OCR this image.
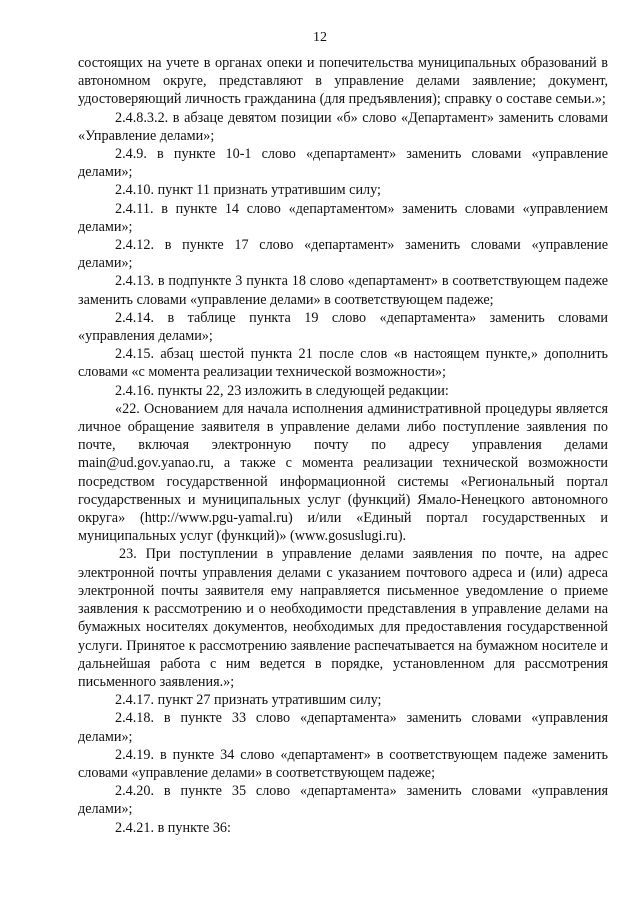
12

состоящих на учете в органах опеки и попечительства муниципальных образований в автономном округе, представляют в управление делами заявление; документ, удостоверяющий личность гражданина (для предъявления); справку о составе семьи.»;

2.4.8.3.2. в абзаце девятом позиции «б» слово «Департамент» заменить словами «Управление делами»;

2.4.9. в пункте 10-1 слово «департамент» заменить словами «управление делами»;

2.4.10. пункт 11 признать утратившим силу;

2.4.11. в пункте 14 слово «департаментом» заменить словами «управлением делами»;

2.4.12. в пункте 17 слово «департамент» заменить словами «управление делами»;

2.4.13. в подпункте 3 пункта 18 слово «департамент» в соответствующем падеже заменить словами «управление делами» в соответствующем падеже;

2.4.14. в таблице пункта 19 слово «департамента» заменить словами «управления делами»;

2.4.15. абзац шестой пункта 21 после слов «в настоящем пункте,» дополнить словами «с момента реализации технической возможности»;

2.4.16. пункты 22, 23 изложить в следующей редакции:

«22. Основанием для начала исполнения административной процедуры является личное обращение заявителя в управление делами либо поступление заявления по почте, включая электронную почту по адресу управления делами main@ud.gov.yanao.ru, а также с момента реализации технической возможности посредством государственной информационной системы «Региональный портал государственных и муниципальных услуг (функций) Ямало-Ненецкого автономного округа» (http://www.pgu-yamal.ru) и/или «Единый портал государственных и муниципальных услуг (функций)» (www.gosuslugi.ru).

23. При поступлении в управление делами заявления по почте, на адрес электронной почты управления делами с указанием почтового адреса и (или) адреса электронной почты заявителя ему направляется письменное уведомление о приеме заявления к рассмотрению и о необходимости представления в управление делами на бумажных носителях документов, необходимых для предоставления государственной услуги. Принятое к рассмотрению заявление распечатывается на бумажном носителе и дальнейшая работа с ним ведется в порядке, установленном для рассмотрения письменного заявления.»;

2.4.17. пункт 27 признать утратившим силу;

2.4.18. в пункте 33 слово «департамента» заменить словами «управления делами»;

2.4.19. в пункте 34 слово «департамент» в соответствующем падеже заменить словами «управление делами» в соответствующем падеже;

2.4.20. в пункте 35 слово «департамента» заменить словами «управления делами»;

2.4.21. в пункте 36:
